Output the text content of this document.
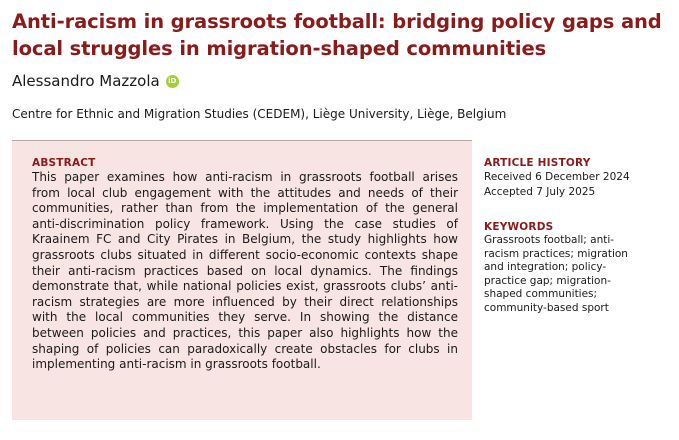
Anti-racism in grassroots football: bridging policy gaps and local struggles in migration-shaped communities
Alessandro Mazzola	iD
Centre for Ethnic and Migration Studies (CEDEM), Liège University, Liège, Belgium
ABSTRACT

This paper examines how anti-racism in grassroots football arises from local club engagement with the attitudes and needs of their communities, rather than from the implementation of the general anti-discrimination policy framework. Using the case studies of Kraainem FC and City Pirates in Belgium, the study highlights how grassroots clubs situated in different socio-economic contexts shape their anti-racism practices based on local dynamics. The findings demonstrate that, while national policies exist, grassroots clubs’ anti-racism strategies are more influenced by their direct relationships with the local communities they serve. In showing the distance between policies and practices, this paper also highlights how the shaping of policies can paradoxically create obstacles for clubs in implementing anti-racism in grassroots football.

ARTICLE HISTORY
Received 6 December 2024
Accepted 7 July 2025
KEYWORDS
Grassroots football; anti-racism practices; migration and integration; policy-practice gap; migration-shaped communities; community-based sport
